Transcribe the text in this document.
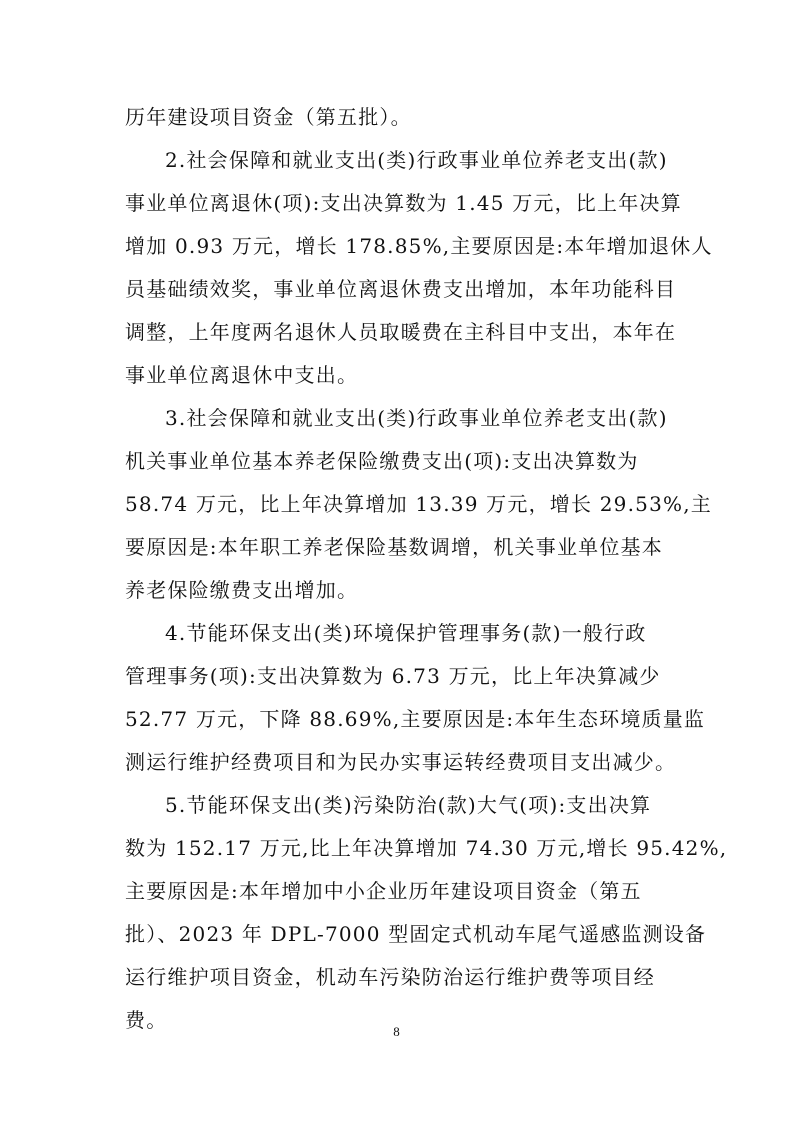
历年建设项目资金（第五批）。
2.社会保障和就业支出(类)行政事业单位养老支出(款)
事业单位离退休(项):支出决算数为 1.45 万元，比上年决算
增加 0.93 万元，增长 178.85%,主要原因是:本年增加退休人
员基础绩效奖，事业单位离退休费支出增加，本年功能科目
调整，上年度两名退休人员取暖费在主科目中支出，本年在
事业单位离退休中支出。
3.社会保障和就业支出(类)行政事业单位养老支出(款)
机关事业单位基本养老保险缴费支出(项):支出决算数为
58.74 万元，比上年决算增加 13.39 万元，增长 29.53%,主
要原因是:本年职工养老保险基数调增，机关事业单位基本
养老保险缴费支出增加。
4.节能环保支出(类)环境保护管理事务(款)一般行政
管理事务(项):支出决算数为 6.73 万元，比上年决算减少
52.77 万元，下降 88.69%,主要原因是:本年生态环境质量监
测运行维护经费项目和为民办实事运转经费项目支出减少。
5.节能环保支出(类)污染防治(款)大气(项):支出决算
数为 152.17 万元,比上年决算增加 74.30 万元,增长 95.42%,
主要原因是:本年增加中小企业历年建设项目资金（第五
批）、2023 年 DPL-7000 型固定式机动车尾气遥感监测设备
运行维护项目资金，机动车污染防治运行维护费等项目经
费。	8
